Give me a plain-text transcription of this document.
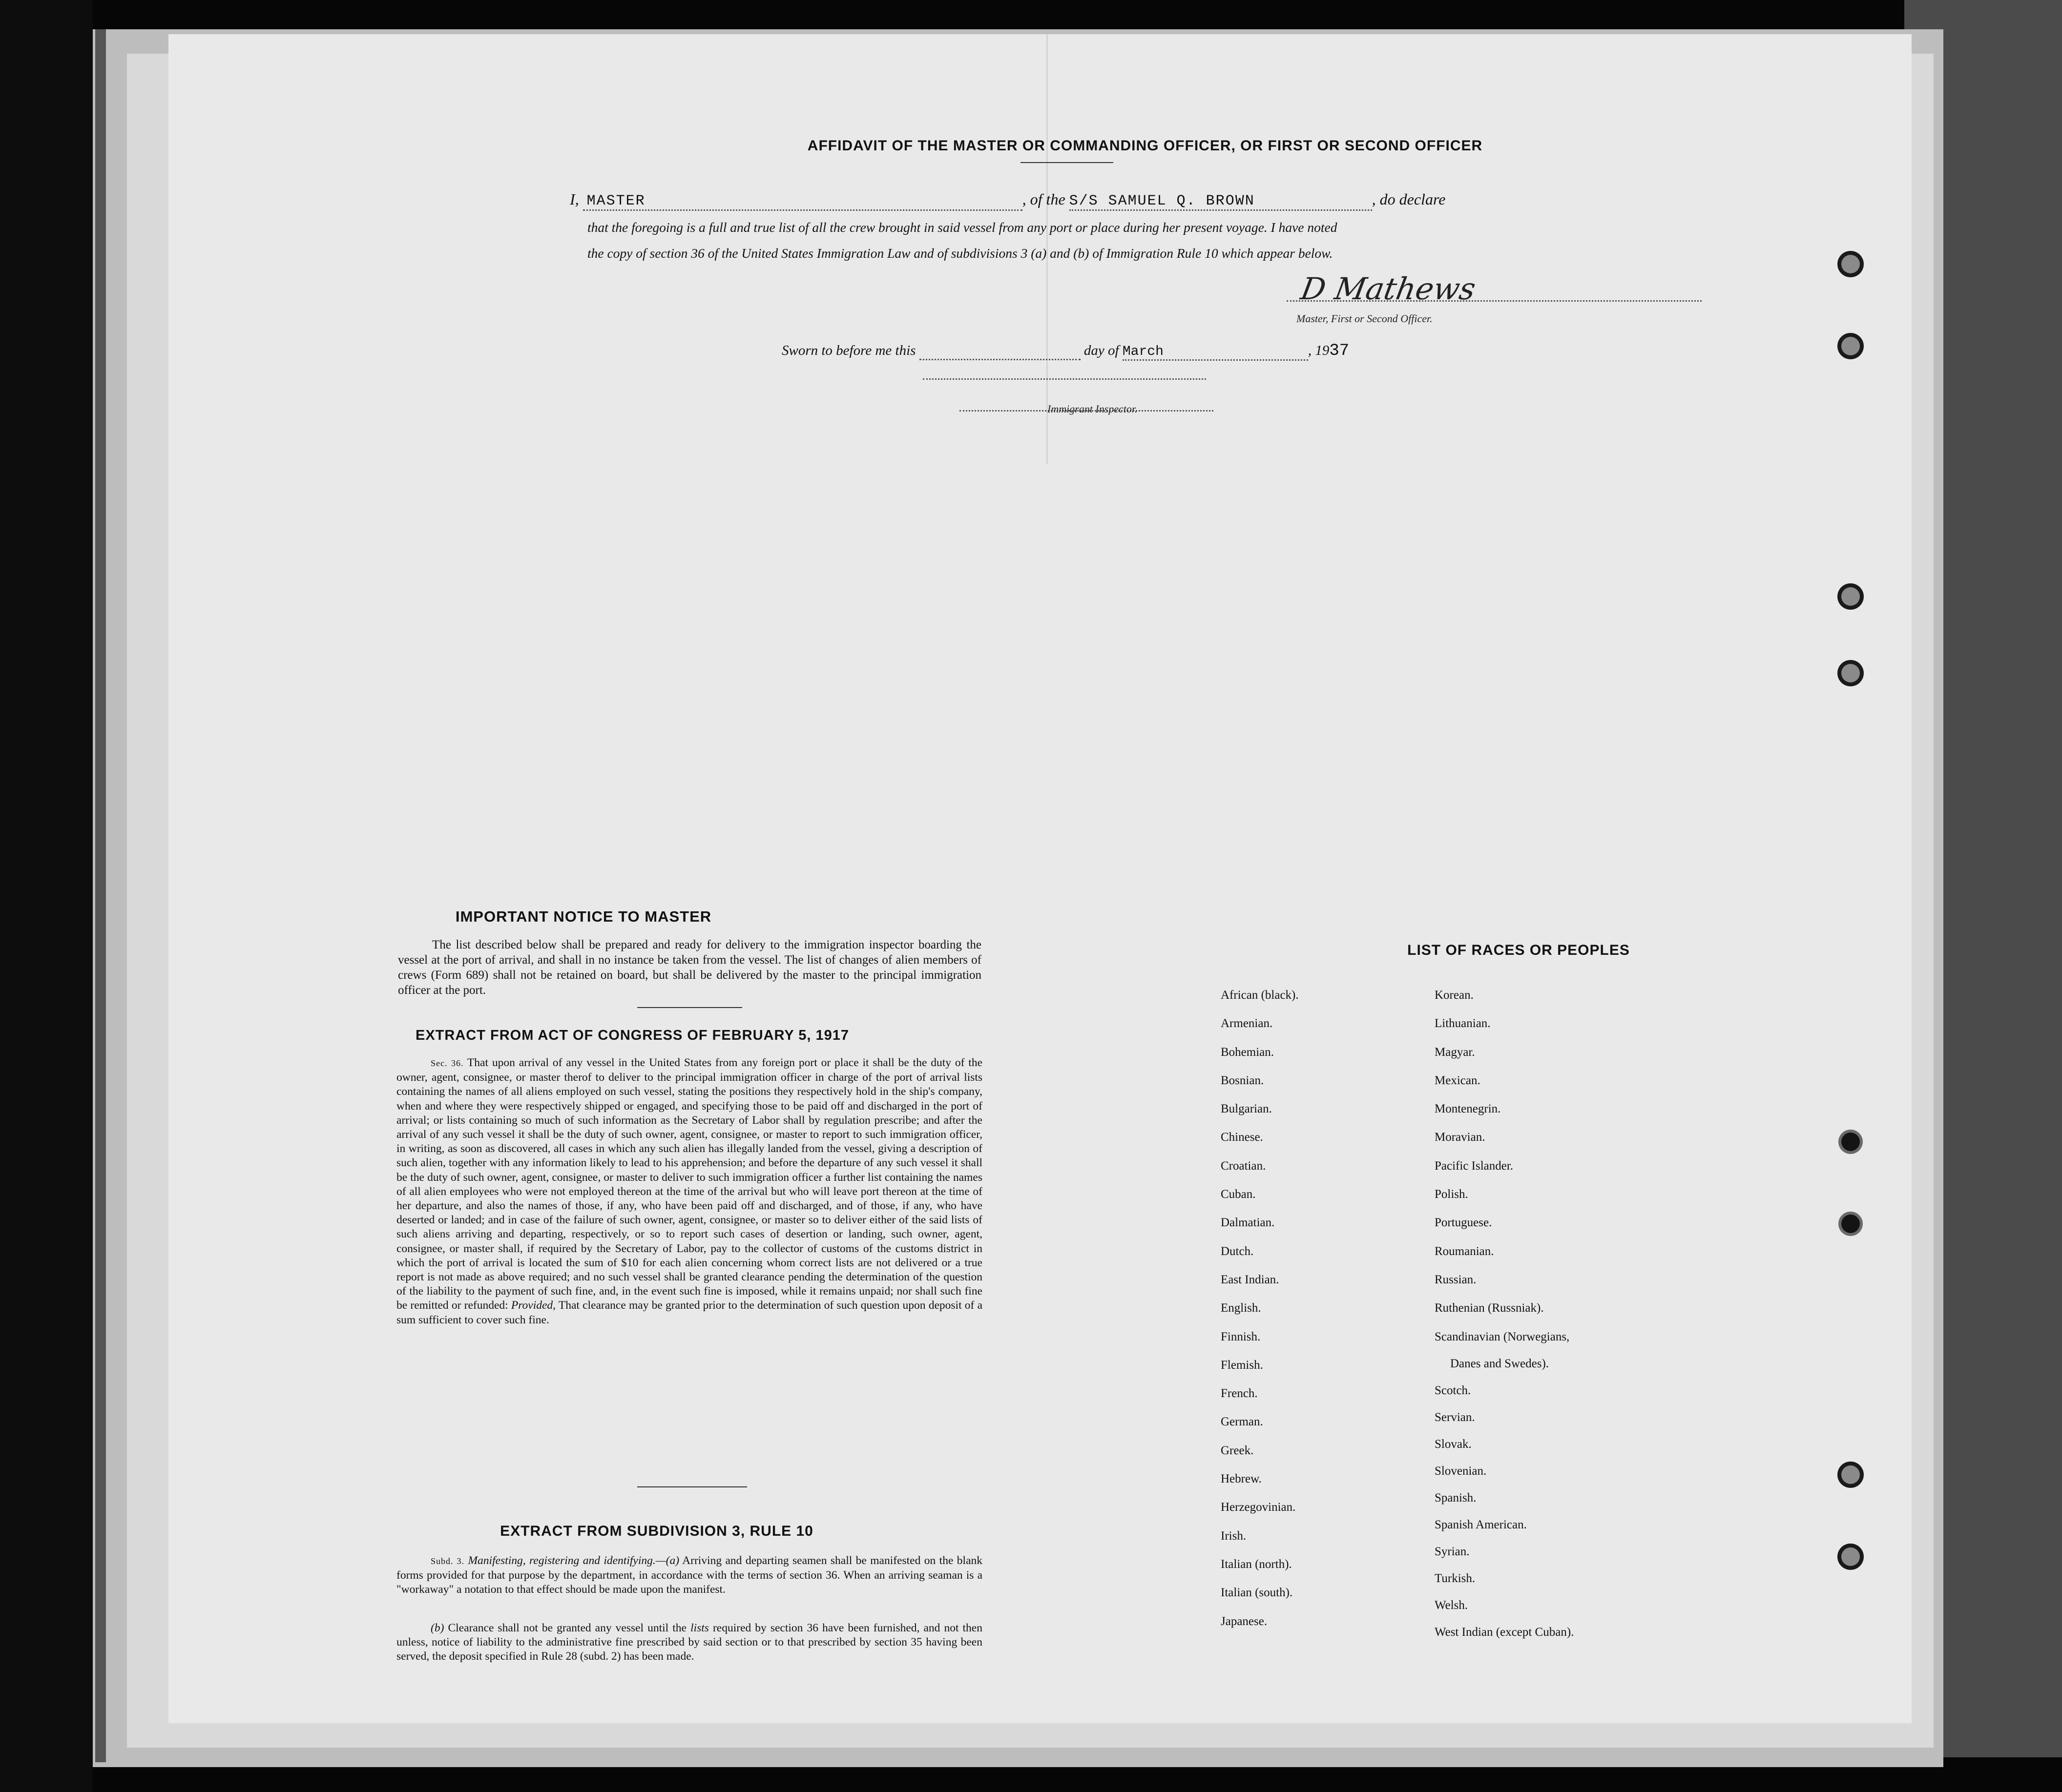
AFFIDAVIT OF THE MASTER OR COMMANDING OFFICER, OR FIRST OR SECOND OFFICER
I, MASTER	, of the S/S SAMUEL Q. BROWN	, do declare
that the foregoing is a full and true list of all the crew brought in said vessel from any port or place during her present voyage. I have noted
the copy of section 36 of the United States Immigration Law and of subdivisions 3 (a) and (b) of Immigration Rule 10 which appear below.
D Mathews
Master, First or Second Officer.
Sworn to before me this	day of March	, 1937
Immigrant Inspector.
IMPORTANT NOTICE TO MASTER
The list described below shall be prepared and ready for delivery to the immigration inspector boarding the vessel at the port of arrival, and shall in no instance be taken from the vessel. The list of changes of alien members of crews (Form 689) shall not be retained on board, but shall be delivered by the master to the principal immigration officer at the port.
EXTRACT FROM ACT OF CONGRESS OF FEBRUARY 5, 1917
Sec. 36. That upon arrival of any vessel in the United States from any foreign port or place it shall be the duty of the owner, agent, consignee, or master therof to deliver to the principal immigration officer in charge of the port of arrival lists containing the names of all aliens employed on such vessel, stating the positions they respectively hold in the ship's company, when and where they were respectively shipped or engaged, and specifying those to be paid off and discharged in the port of arrival; or lists containing so much of such information as the Secretary of Labor shall by regulation prescribe; and after the arrival of any such vessel it shall be the duty of such owner, agent, consignee, or master to report to such immigration officer, in writing, as soon as discovered, all cases in which any such alien has illegally landed from the vessel, giving a description of such alien, together with any information likely to lead to his apprehension; and before the departure of any such vessel it shall be the duty of such owner, agent, consignee, or master to deliver to such immigration officer a further list containing the names of all alien employees who were not employed thereon at the time of the arrival but who will leave port thereon at the time of her departure, and also the names of those, if any, who have been paid off and discharged, and of those, if any, who have deserted or landed; and in case of the failure of such owner, agent, consignee, or master so to deliver either of the said lists of such aliens arriving and departing, respectively, or so to report such cases of desertion or landing, such owner, agent, consignee, or master shall, if required by the Secretary of Labor, pay to the collector of customs of the customs district in which the port of arrival is located the sum of $10 for each alien concerning whom correct lists are not delivered or a true report is not made as above required; and no such vessel shall be granted clearance pending the determination of the question of the liability to the payment of such fine, and, in the event such fine is imposed, while it remains unpaid; nor shall such fine be remitted or refunded: Provided, That clearance may be granted prior to the determination of such question upon deposit of a sum sufficient to cover such fine.
EXTRACT FROM SUBDIVISION 3, RULE 10
Subd. 3. Manifesting, registering and identifying.—(a) Arriving and departing seamen shall be manifested on the blank forms provided for that purpose by the department, in accordance with the terms of section 36. When an arriving seaman is a "workaway" a notation to that effect should be made upon the manifest.
(b) Clearance shall not be granted any vessel until the lists required by section 36 have been furnished, and not then unless, notice of liability to the administrative fine prescribed by said section or to that prescribed by section 35 having been served, the deposit specified in Rule 28 (subd. 2) has been made.
LIST OF RACES OR PEOPLES
African (black).
Armenian.
Bohemian.
Bosnian.
Bulgarian.
Chinese.
Croatian.
Cuban.
Dalmatian.
Dutch.
East Indian.
English.
Finnish.
Flemish.
French.
German.
Greek.
Hebrew.
Herzegovinian.
Irish.
Italian (north).
Italian (south).
Japanese.
Korean.
Lithuanian.
Magyar.
Mexican.
Montenegrin.
Moravian.
Pacific Islander.
Polish.
Portuguese.
Roumanian.
Russian.
Ruthenian (Russniak).
Scandinavian (Norwegians,
Danes and Swedes).
Scotch.
Servian.
Slovak.
Slovenian.
Spanish.
Spanish American.
Syrian.
Turkish.
Welsh.
West Indian (except Cuban).
